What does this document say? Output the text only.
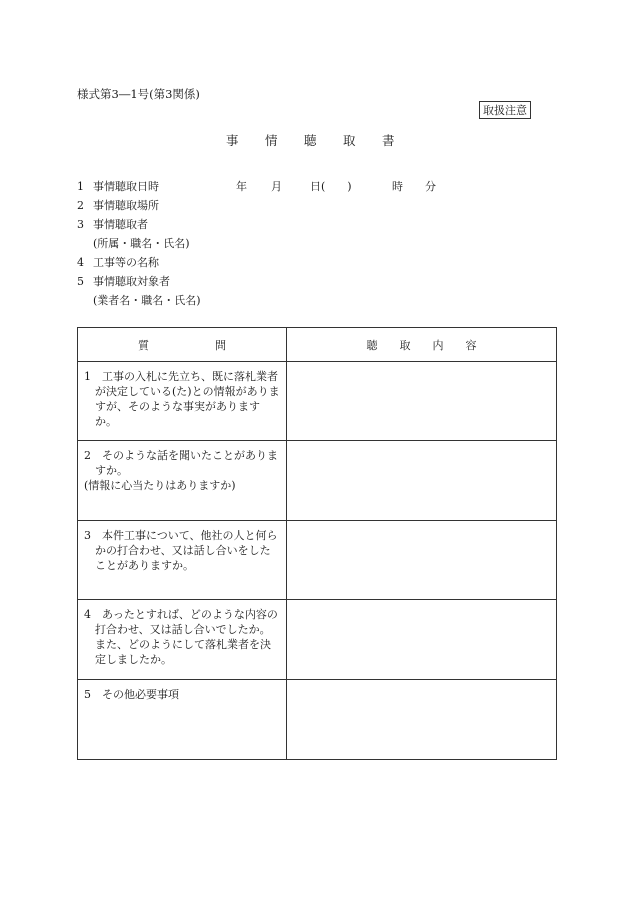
様式第3―1号(第3関係)
取扱注意
事 情 聴 取 書
1 事情聴取日時	年 月	日(　　)	時 分
2 事情聴取場所
3 事情聴取者
(所属・職名・氏名)
4 工事等の名称
5 事情聴取対象者
(業者名・職名・氏名)
質　　　　　　問	聴　　取　　内　　容

1　工事の入札に先立ち、既に落札業者が決定している(た)との情報がありますが、そのような事実がありますか。	

2　そのような話を聞いたことがありますか。
(情報に心当たりはありますか)	

3　本件工事について、他社の人と何らかの打合わせ、又は話し合いをしたことがありますか。	

4　あったとすれば、どのような内容の打合わせ、又は話し合いでしたか。また、どのようにして落札業者を決定しましたか。	

5　その他必要事項	
